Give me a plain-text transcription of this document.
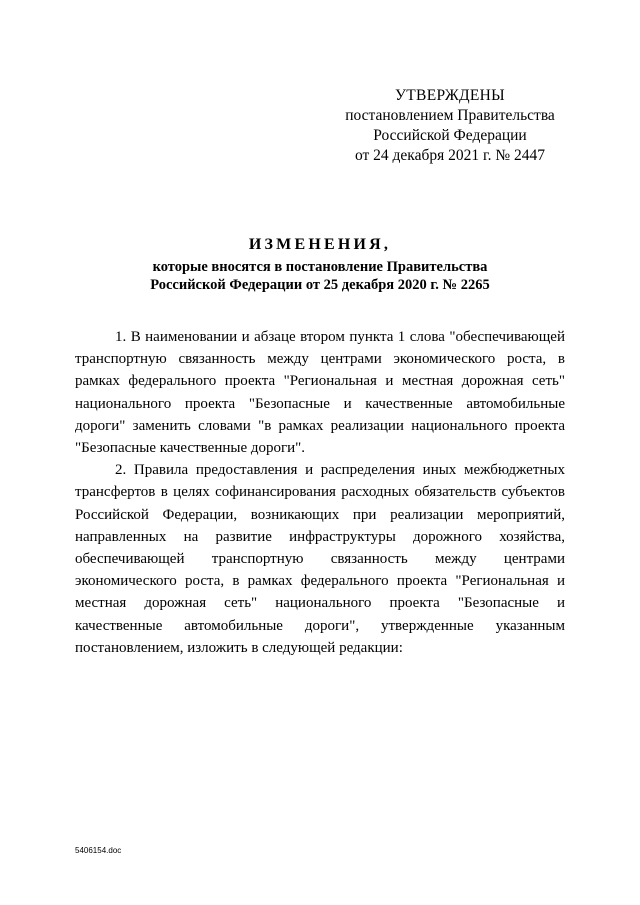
УТВЕРЖДЕНЫ
постановлением Правительства
Российской Федерации
от 24 декабря 2021 г. № 2447
ИЗМЕНЕНИЯ,
которые вносятся в постановление Правительства
Российской Федерации от 25 декабря 2020 г. № 2265

1. В наименовании и абзаце втором пункта 1 слова "обеспечивающей транспортную связанность между центрами экономического роста, в рамках федерального проекта "Региональная и местная дорожная сеть" национального проекта "Безопасные и качественные автомобильные дороги" заменить словами "в рамках реализации национального проекта "Безопасные качественные дороги".

2. Правила предоставления и распределения иных межбюджетных трансфертов в целях софинансирования расходных обязательств субъектов Российской Федерации, возникающих при реализации мероприятий, направленных на развитие инфраструктуры дорожного хозяйства, обеспечивающей транспортную связанность между центрами экономического роста, в рамках федерального проекта "Региональная и местная дорожная сеть" национального проекта "Безопасные и качественные автомобильные дороги", утвержденные указанным постановлением, изложить в следующей редакции:

5406154.doc
